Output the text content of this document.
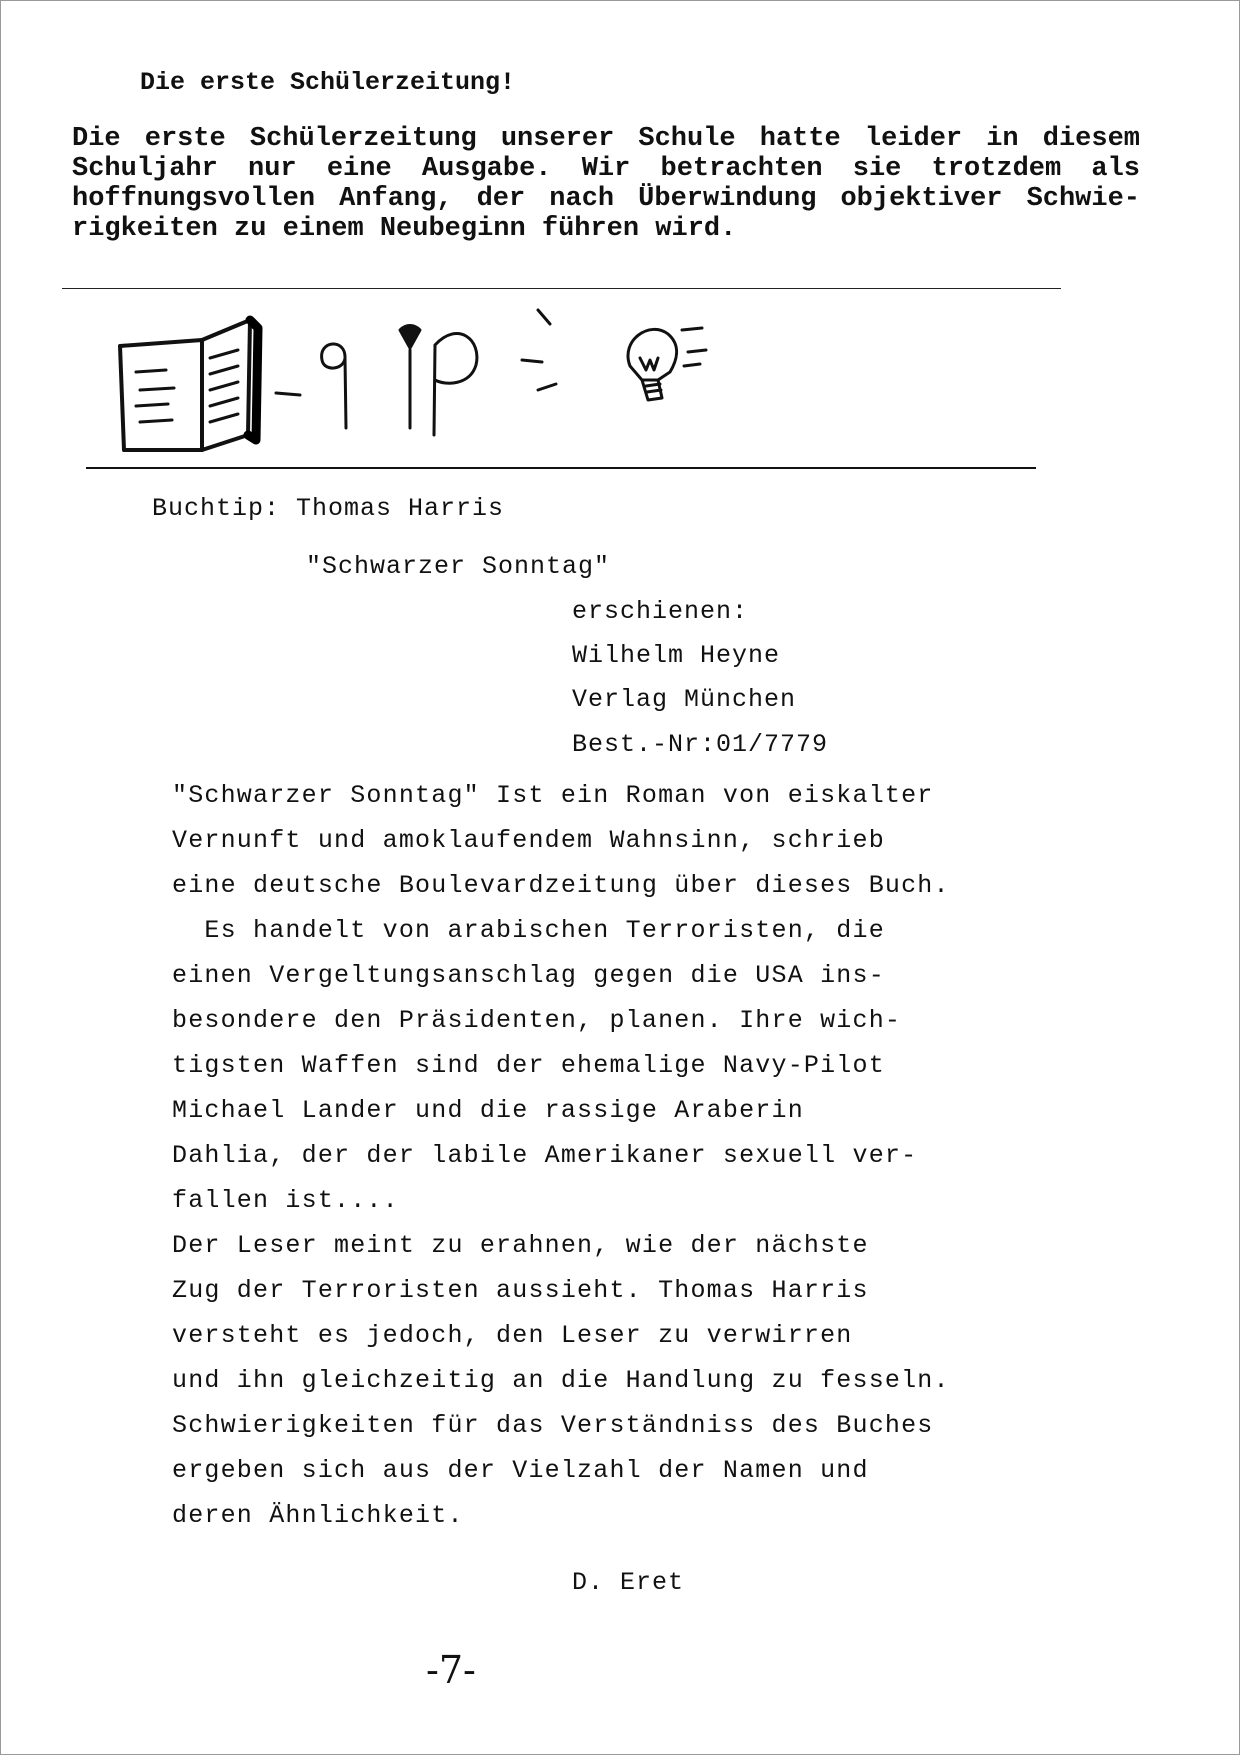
Die erste Schülerzeitung!
Die erste Schülerzeitung unserer Schule hatte leider in diesem
Schuljahr nur eine Ausgabe. Wir betrachten sie trotzdem als
hoffnungsvollen Anfang, der nach Überwindung objektiver Schwie-
rigkeiten zu einem Neubeginn führen wird.
-Tip
Buchtip: Thomas Harris
"Schwarzer Sonntag"
erschienen:
Wilhelm Heyne
Verlag München
Best.-Nr:01/7779
"Schwarzer Sonntag" Ist ein Roman von eiskalter
Vernunft und amoklaufendem Wahnsinn, schrieb
eine deutsche Boulevardzeitung über dieses Buch.
Es handelt von arabischen Terroristen, die
einen Vergeltungsanschlag gegen die USA ins-
besondere den Präsidenten, planen. Ihre wich-
tigsten Waffen sind der ehemalige Navy-Pilot
Michael Lander und die rassige Araberin
Dahlia, der der labile Amerikaner sexuell ver-
fallen ist....
Der Leser meint zu erahnen, wie der nächste
Zug der Terroristen aussieht. Thomas Harris
versteht es jedoch, den Leser zu verwirren
und ihn gleichzeitig an die Handlung zu fesseln.
Schwierigkeiten für das Verständniss des Buches
ergeben sich aus der Vielzahl der Namen und
deren Ähnlichkeit.
D. Eret
-7-
